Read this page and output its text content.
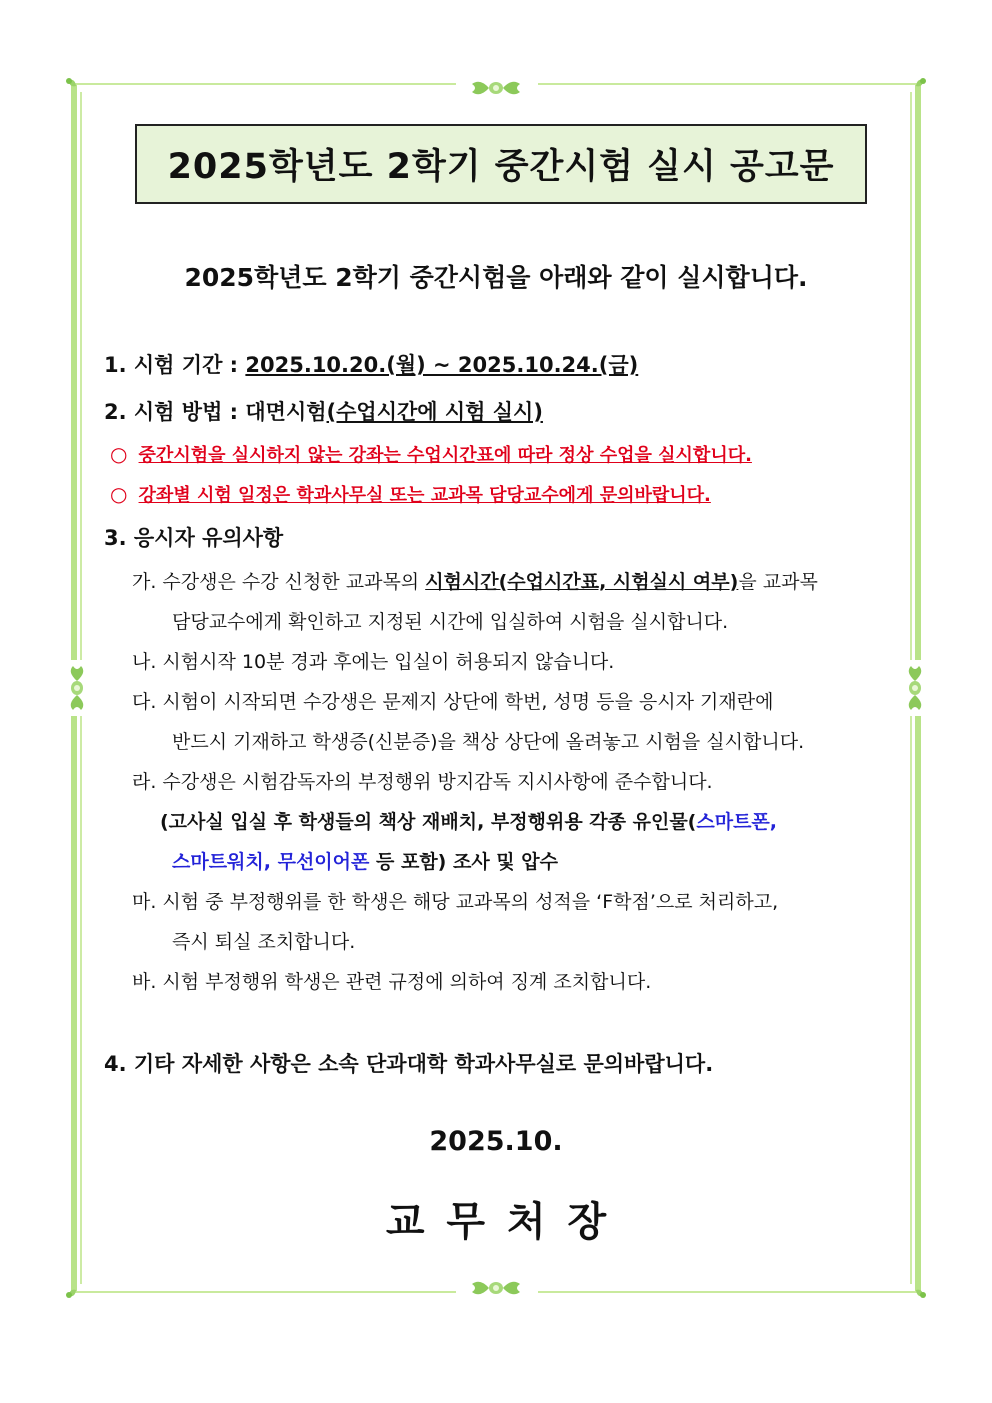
2025학년도 2학기 중간시험 실시 공고문
2025학년도 2학기 중간시험을 아래와 같이 실시합니다.
1. 시험 기간 : 2025.10.20.(월) ~ 2025.10.24.(금)
2. 시험 방법 : 대면시험(수업시간에 시험 실시)
○ 중간시험을 실시하지 않는 강좌는 수업시간표에 따라 정상 수업을 실시합니다.
○ 강좌별 시험 일정은 학과사무실 또는 교과목 담당교수에게 문의바랍니다.
3. 응시자 유의사항
가. 수강생은 수강 신청한 교과목의 시험시간(수업시간표, 시험실시 여부)을 교과목
담당교수에게 확인하고 지정된 시간에 입실하여 시험을 실시합니다.
나. 시험시작 10분 경과 후에는 입실이 허용되지 않습니다.
다. 시험이 시작되면 수강생은 문제지 상단에 학번, 성명 등을 응시자 기재란에
반드시 기재하고 학생증(신분증)을 책상 상단에 올려놓고 시험을 실시합니다.
라. 수강생은 시험감독자의 부정행위 방지감독 지시사항에 준수합니다.
(고사실 입실 후 학생들의 책상 재배치, 부정행위용 각종 유인물(스마트폰,
스마트워치, 무선이어폰 등 포함) 조사 및 압수
마. 시험 중 부정행위를 한 학생은 해당 교과목의 성적을 ‘F학점’으로 처리하고,
즉시 퇴실 조치합니다.
바. 시험 부정행위 학생은 관련 규정에 의하여 징계 조치합니다.
4. 기타 자세한 사항은 소속 단과대학 학과사무실로 문의바랍니다.
2025.10.
교 무 처 장
